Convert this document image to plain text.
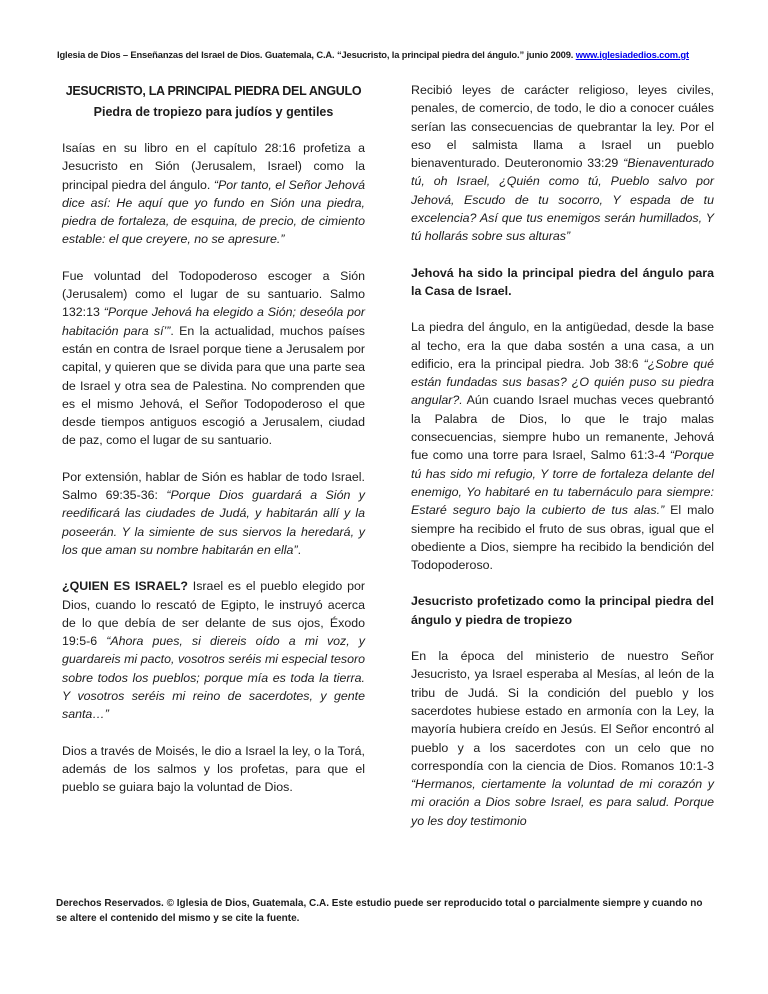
Iglesia de Dios – Enseñanzas del Israel de Dios. Guatemala, C.A. “Jesucristo, la principal piedra del ángulo.” junio 2009. www.iglesiadedios.com.gt
JESUCRISTO, LA PRINCIPAL PIEDRA DEL ANGULO
Piedra de tropiezo para judíos y gentiles

Isaías en su libro en el capítulo 28:16 profetiza a Jesucristo en Sión (Jerusalem, Israel) como la principal piedra del ángulo. “Por tanto, el Señor Jehová dice así: He aquí que yo fundo en Sión una piedra, piedra de fortaleza, de esquina, de precio, de cimiento estable: el que creyere, no se apresure.”

Fue voluntad del Todopoderoso escoger a Sión (Jerusalem) como el lugar de su santuario. Salmo 132:13 “Porque Jehová ha elegido a Sión; deseóla por habitación para sí’”. En la actualidad, muchos países están en contra de Israel porque tiene a Jerusalem por capital, y quieren que se divida para que una parte sea de Israel y otra sea de Palestina. No comprenden que es el mismo Jehová, el Señor Todopoderoso el que desde tiempos antiguos escogió a Jerusalem, ciudad de paz, como el lugar de su santuario.

Por extensión, hablar de Sión es hablar de todo Israel. Salmo 69:35-36: “Porque Dios guardará a Sión y reedificará las ciudades de Judá, y habitarán allí y la poseerán. Y la simiente de sus siervos la heredará, y los que aman su nombre habitarán en ella”.

¿QUIEN ES ISRAEL? Israel es el pueblo elegido por Dios, cuando lo rescató de Egipto, le instruyó acerca de lo que debía de ser delante de sus ojos, Éxodo 19:5-6 “Ahora pues, si diereis oído a mi voz, y guardareis mi pacto, vosotros seréis mi especial tesoro sobre todos los pueblos; porque mía es toda la tierra. Y vosotros seréis mi reino de sacerdotes, y gente santa…”

Dios a través de Moisés, le dio a Israel la ley, o la Torá, además de los salmos y los profetas, para que el pueblo se guiara bajo la voluntad de Dios.

Recibió leyes de carácter religioso, leyes civiles, penales, de comercio, de todo, le dio a conocer cuáles serían las consecuencias de quebrantar la ley. Por el eso el salmista llama a Israel un pueblo bienaventurado. Deuteronomio 33:29 “Bienaventurado tú, oh Israel, ¿Quién como tú, Pueblo salvo por Jehová, Escudo de tu socorro, Y espada de tu excelencia? Así que tus enemigos serán humillados, Y tú hollarás sobre sus alturas”

Jehová ha sido la principal piedra del ángulo para la Casa de Israel.

La piedra del ángulo, en la antigüedad, desde la base al techo, era la que daba sostén a una casa, a un edificio, era la principal piedra. Job 38:6 “¿Sobre qué están fundadas sus basas? ¿O quién puso su piedra angular?. Aún cuando Israel muchas veces quebrantó la Palabra de Dios, lo que le trajo malas consecuencias, siempre hubo un remanente, Jehová fue como una torre para Israel, Salmo 61:3-4 “Porque tú has sido mi refugio, Y torre de fortaleza delante del enemigo, Yo habitaré en tu tabernáculo para siempre: Estaré seguro bajo la cubierto de tus alas.” El malo siempre ha recibido el fruto de sus obras, igual que el obediente a Dios, siempre ha recibido la bendición del Todopoderoso.

Jesucristo profetizado como la principal piedra del ángulo y piedra de tropiezo

En la época del ministerio de nuestro Señor Jesucristo, ya Israel esperaba al Mesías, al león de la tribu de Judá. Si la condición del pueblo y los sacerdotes hubiese estado en armonía con la Ley, la mayoría hubiera creído en Jesús. El Señor encontró al pueblo y a los sacerdotes con un celo que no correspondía con la ciencia de Dios. Romanos 10:1-3 “Hermanos, ciertamente la voluntad de mi corazón y mi oración a Dios sobre Israel, es para salud. Porque yo les doy testimonio

Derechos Reservados. © Iglesia de Dios, Guatemala, C.A. Este estudio puede ser reproducido total o parcialmente siempre y cuando no se altere el contenido del mismo y se cite la fuente.
